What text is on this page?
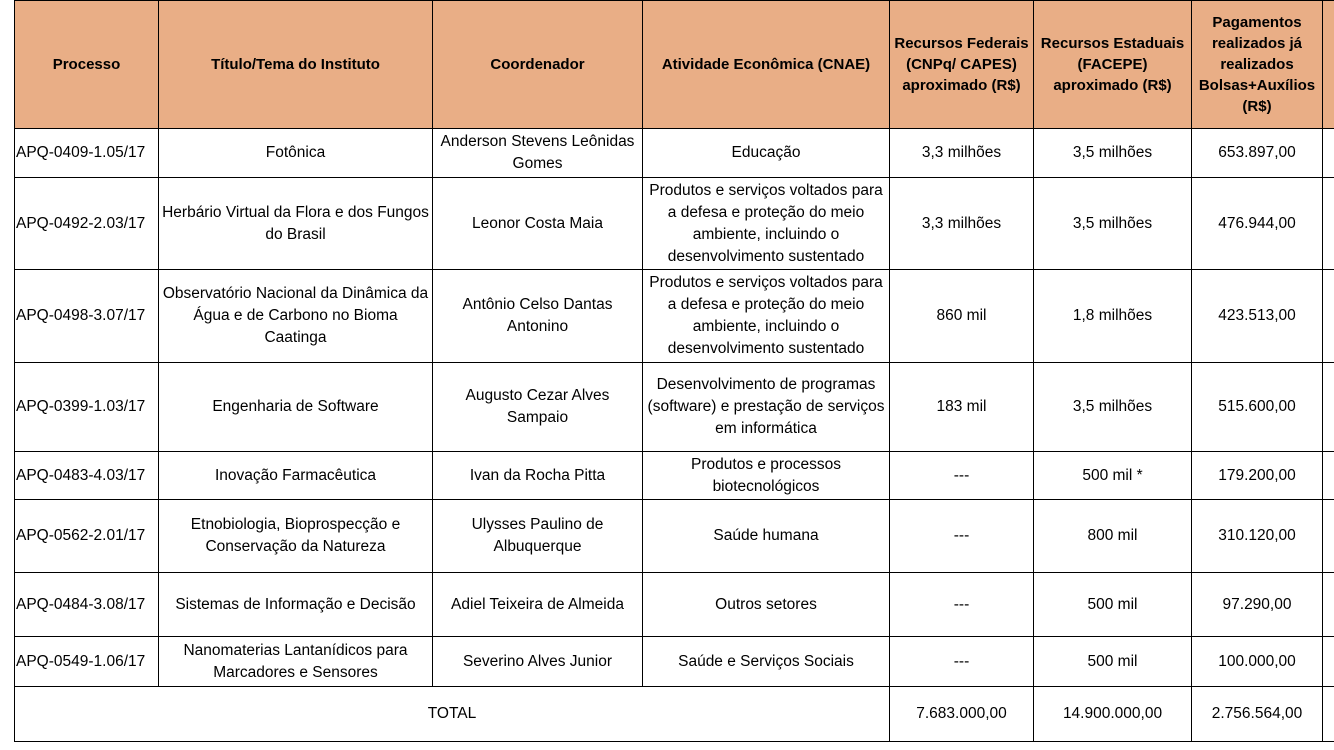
Processo	Título/Tema do Instituto	Coordenador	Atividade Econômica (CNAE)	Recursos Federais (CNPq/ CAPES) aproximado (R$)	Recursos Estaduais (FACEPE) aproximado (R$)	Pagamentos realizados já realizados Bolsas+Auxílios (R$)	
APQ-0409-1.05/17	Fotônica	Anderson Stevens Leônidas Gomes	Educação	3,3 milhões	3,5 milhões	653.897,00	
APQ-0492-2.03/17	Herbário Virtual da Flora e dos Fungos do Brasil	Leonor Costa Maia	Produtos e serviços voltados para a defesa e proteção do meio ambiente, incluindo o desenvolvimento sustentado	3,3 milhões	3,5 milhões	476.944,00	
APQ-0498-3.07/17	Observatório Nacional da Dinâmica da Água e de Carbono no Bioma Caatinga	Antônio Celso Dantas Antonino	Produtos e serviços voltados para a defesa e proteção do meio ambiente, incluindo o desenvolvimento sustentado	860 mil	1,8 milhões	423.513,00	
APQ-0399-1.03/17	Engenharia de Software	Augusto Cezar Alves Sampaio	Desenvolvimento de programas (software) e prestação de serviços em informática	183 mil	3,5 milhões	515.600,00	
APQ-0483-4.03/17	Inovação Farmacêutica	Ivan da Rocha Pitta	Produtos e processos biotecnológicos	---	500 mil *	179.200,00	
APQ-0562-2.01/17	Etnobiologia, Bioprospecção e Conservação da Natureza	Ulysses Paulino de Albuquerque	Saúde humana	---	800 mil	310.120,00	
APQ-0484-3.08/17	Sistemas de Informação e Decisão	Adiel Teixeira de Almeida	Outros setores	---	500 mil	97.290,00	
APQ-0549-1.06/17	Nanomaterias Lantanídicos para Marcadores e Sensores	Severino Alves Junior	Saúde e Serviços Sociais	---	500 mil	100.000,00	
TOTAL				7.683.000,00	14.900.000,00	2.756.564,00	
